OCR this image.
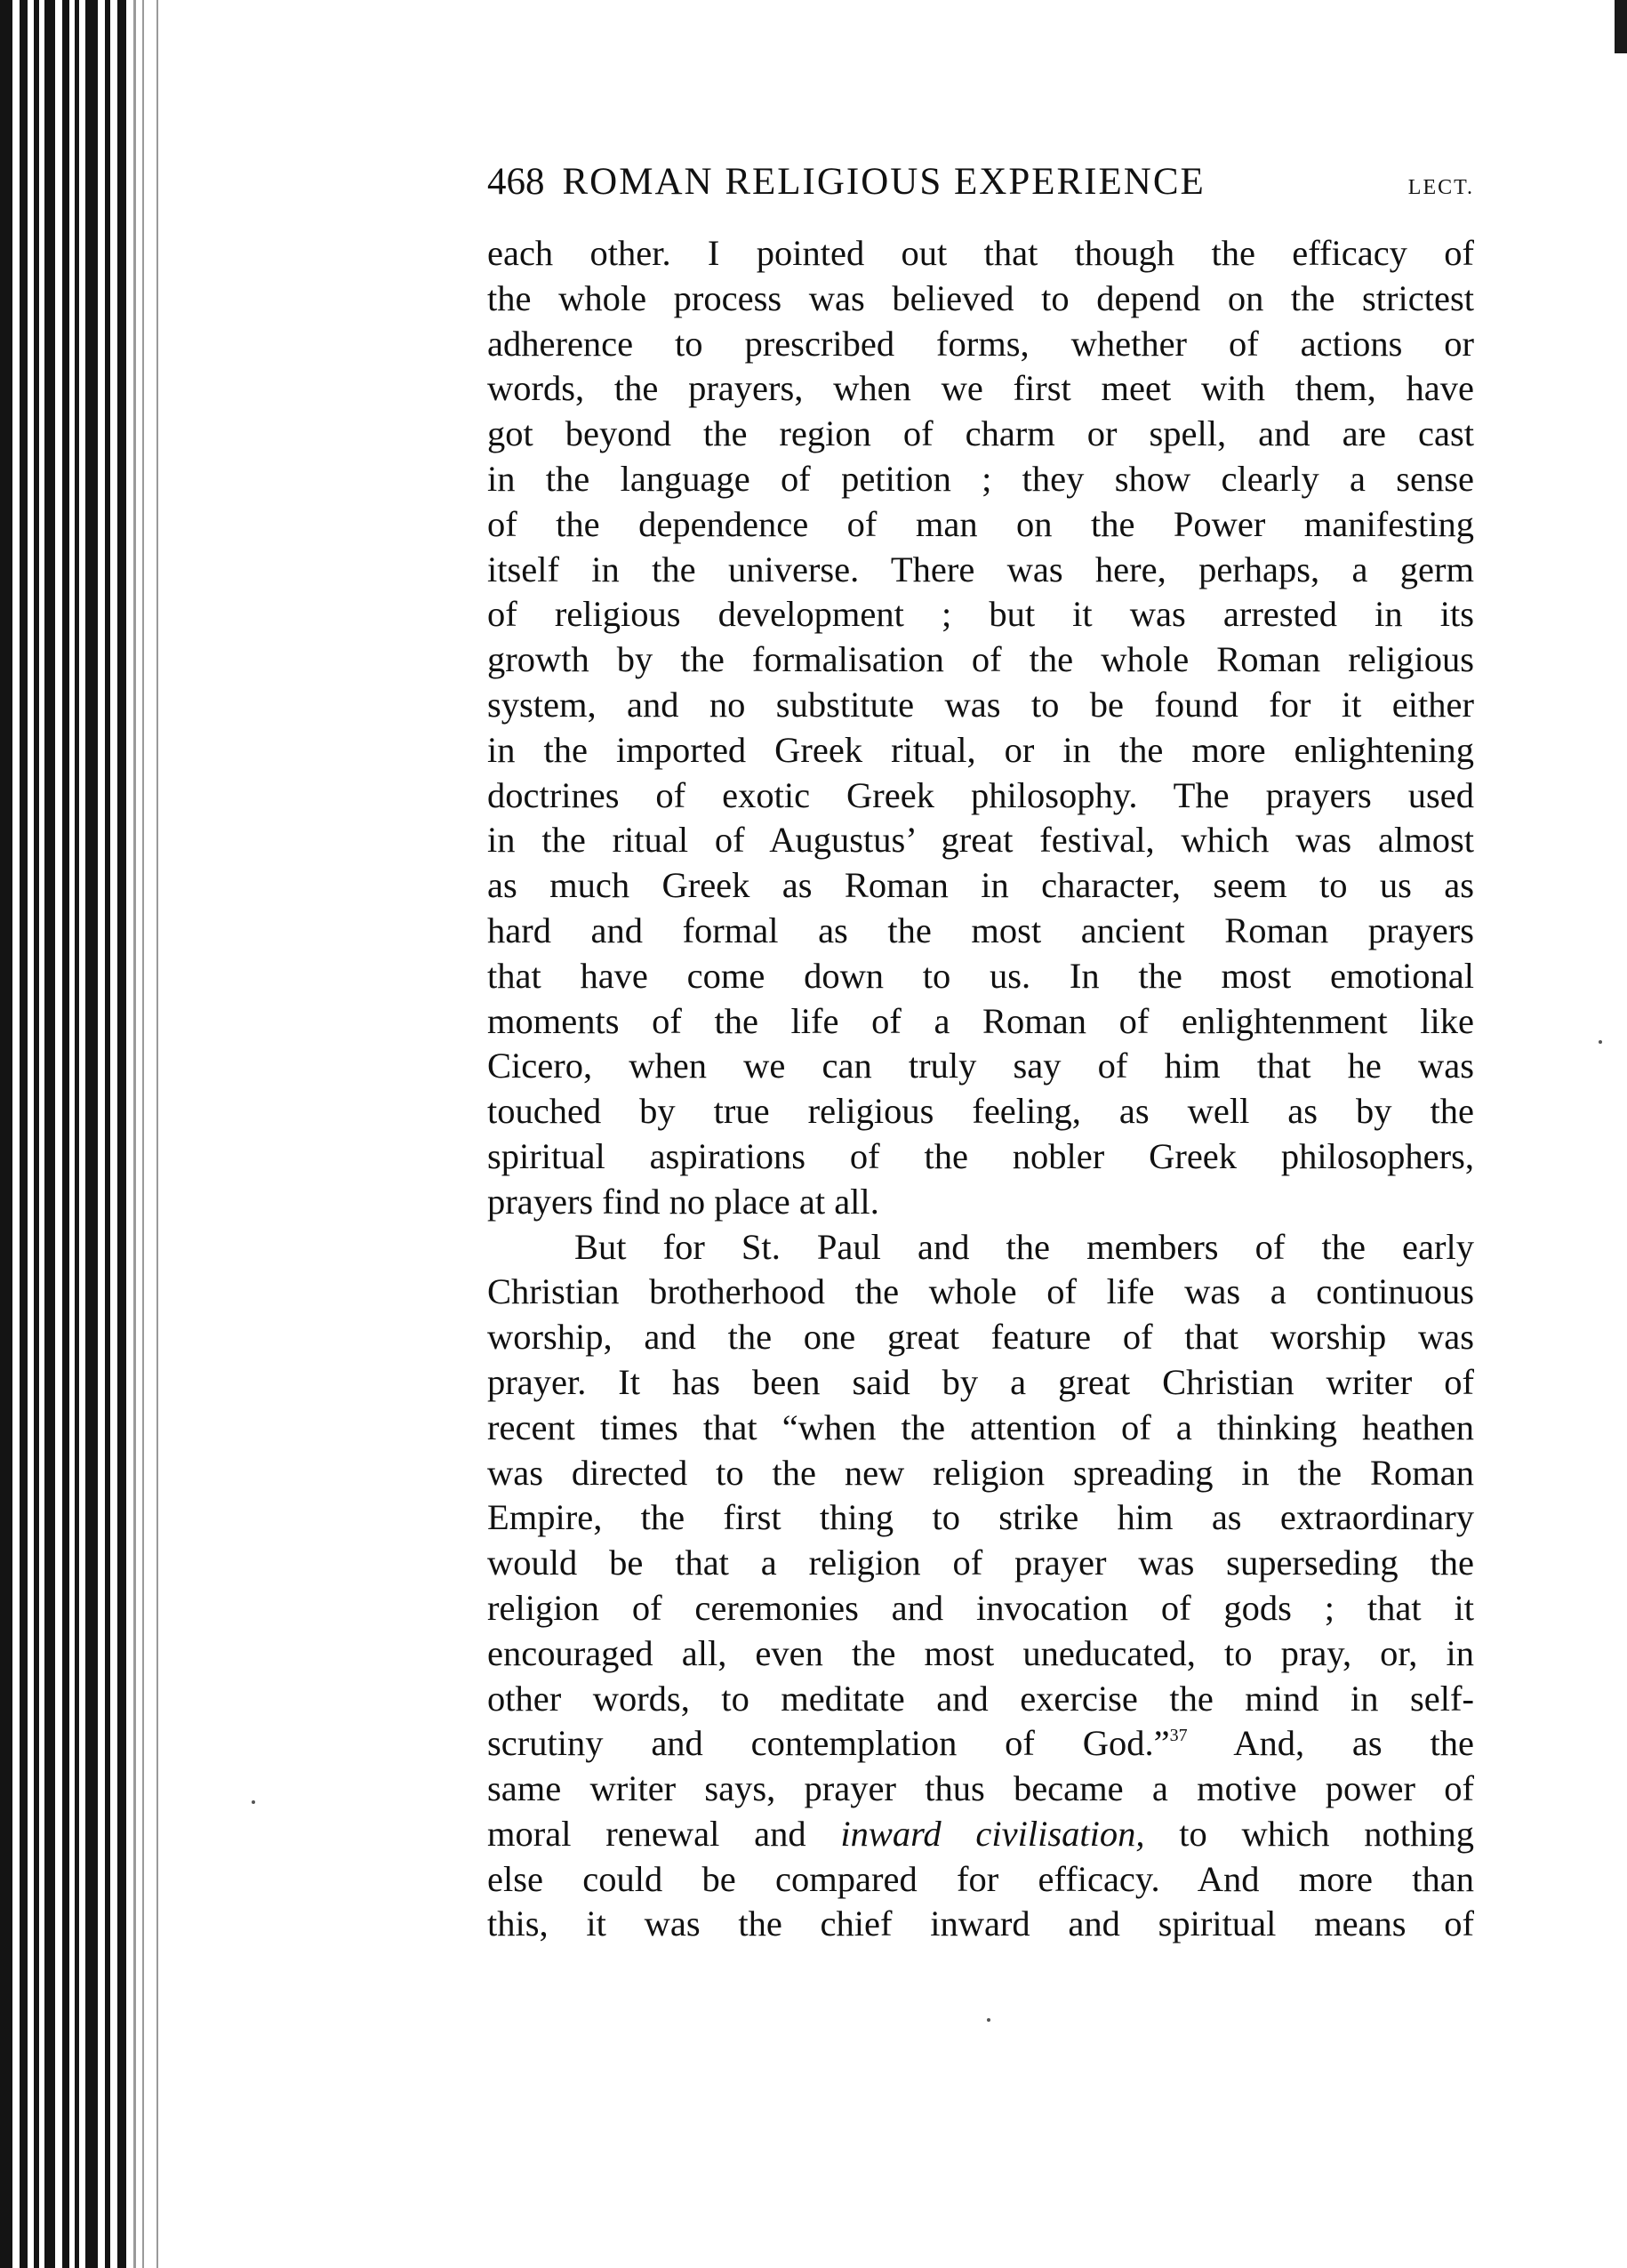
468 ROMAN RELIGIOUS EXPERIENCE	LECT.
each other. I pointed out that though the efficacy of
the whole process was believed to depend on the strictest
adherence to prescribed forms, whether of actions or
words, the prayers, when we first meet with them, have
got beyond the region of charm or spell, and are cast
in the language of petition ; they show clearly a sense
of the dependence of man on the Power manifesting
itself in the universe. There was here, perhaps, a germ
of religious development ; but it was arrested in its
growth by the formalisation of the whole Roman religious
system, and no substitute was to be found for it either
in the imported Greek ritual, or in the more enlightening
doctrines of exotic Greek philosophy. The prayers used
in the ritual of Augustus’ great festival, which was almost
as much Greek as Roman in character, seem to us as
hard and formal as the most ancient Roman prayers
that have come down to us. In the most emotional
moments of the life of a Roman of enlightenment like
Cicero, when we can truly say of him that he was
touched by true religious feeling, as well as by the
spiritual aspirations of the nobler Greek philosophers,
prayers find no place at all.
But for St. Paul and the members of the early
Christian brotherhood the whole of life was a continuous
worship, and the one great feature of that worship was
prayer. It has been said by a great Christian writer of
recent times that “when the attention of a thinking heathen
was directed to the new religion spreading in the Roman
Empire, the first thing to strike him as extraordinary
would be that a religion of prayer was superseding the
religion of ceremonies and invocation of gods ; that it
encouraged all, even the most uneducated, to pray, or, in
other words, to meditate and exercise the mind in self-
scrutiny and contemplation of God.”$^{37}$ And, as the
same writer says, prayer thus became a motive power of
moral renewal and inward civilisation, to which nothing
else could be compared for efficacy. And more than
this, it was the chief inward and spiritual means of
